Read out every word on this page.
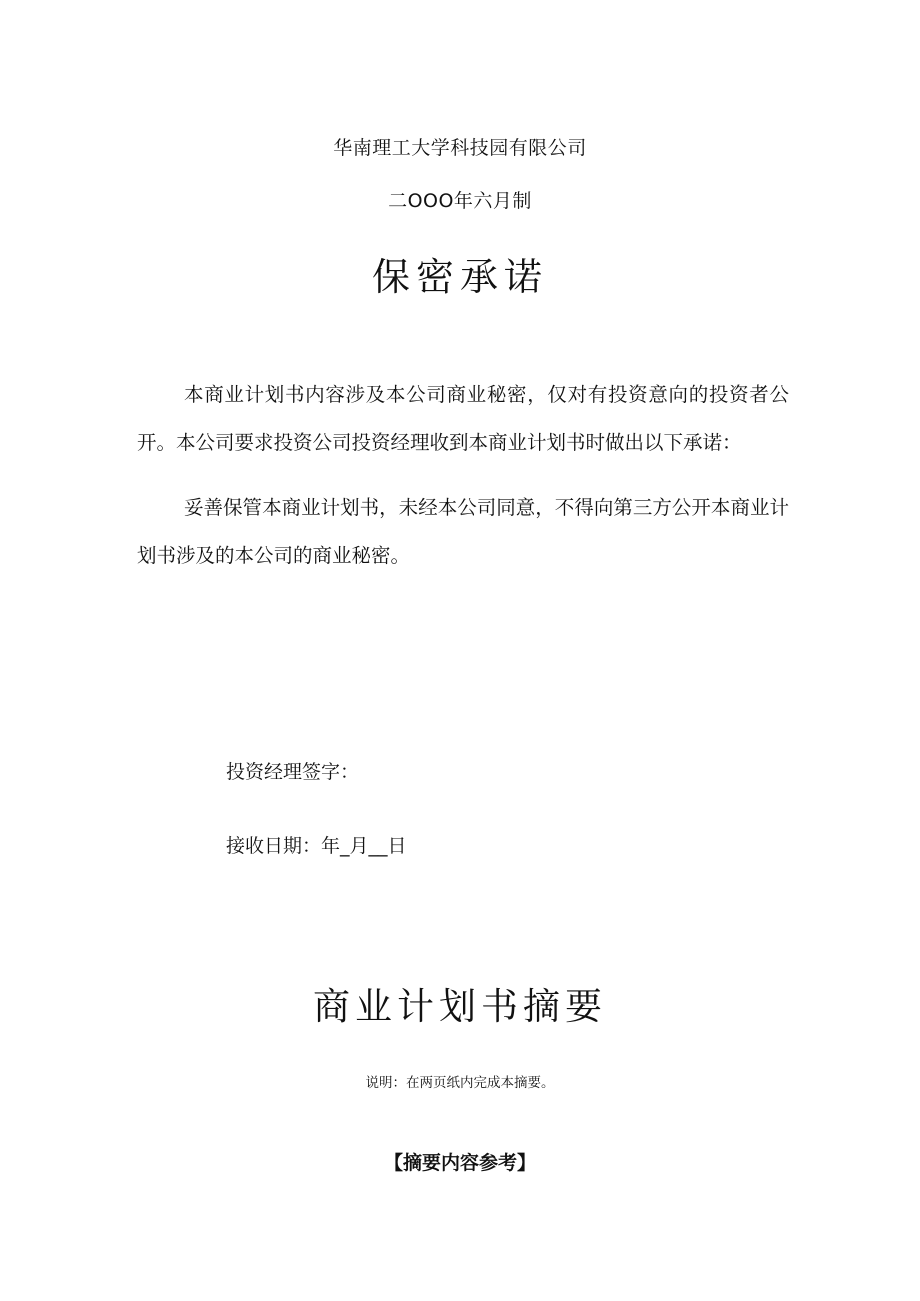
华南理工大学科技园有限公司
二OOO年六月制
保密承诺
本商业计划书内容涉及本公司商业秘密，仅对有投资意向的投资者公开。本公司要求投资公司投资经理收到本商业计划书时做出以下承诺：
妥善保管本商业计划书，未经本公司同意，不得向第三方公开本商业计划书涉及的本公司的商业秘密。
投资经理签字：
接收日期：年_月__日
商业计划书摘要
说明：在两页纸内完成本摘要。
【摘要内容参考】
